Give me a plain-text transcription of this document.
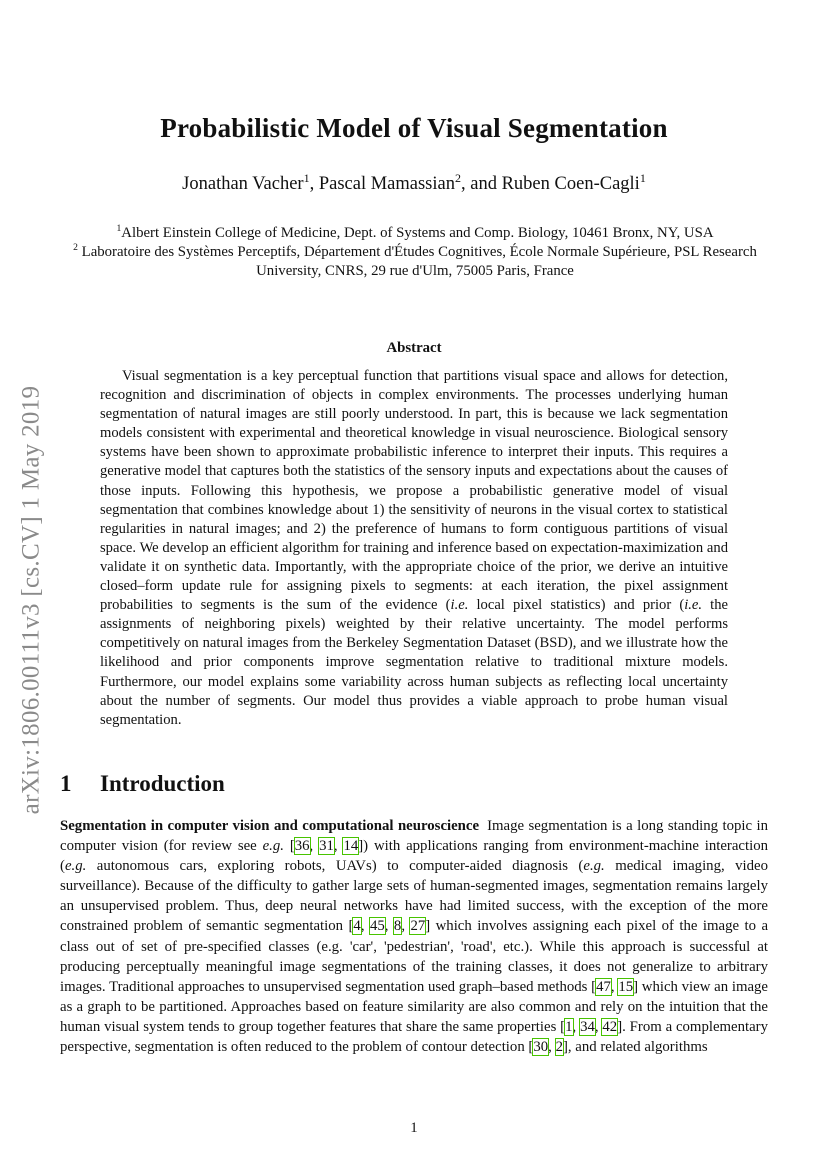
arXiv:1806.00111v3 [cs.CV] 1 May 2019
Probabilistic Model of Visual Segmentation
Jonathan Vacher$^1$, Pascal Mamassian$^2$, and Ruben Coen-Cagli$^1$
$^1$Albert Einstein College of Medicine, Dept. of Systems and Comp. Biology, 10461 Bronx, NY, USA
$^2$ Laboratoire des Systèmes Perceptifs, Département d'Études Cognitives, École Normale Supérieure, PSL Research University, CNRS, 29 rue d'Ulm, 75005 Paris, France
Abstract

Visual segmentation is a key perceptual function that partitions visual space and allows for detection, recognition and discrimination of objects in complex environments. The processes underlying human segmentation of natural images are still poorly understood. In part, this is because we lack segmentation models consistent with experimental and theoretical knowledge in visual neuroscience. Biological sensory systems have been shown to approximate probabilistic inference to interpret their inputs. This requires a generative model that captures both the statistics of the sensory inputs and expectations about the causes of those inputs. Following this hypothesis, we propose a probabilistic generative model of visual segmentation that combines knowledge about 1) the sensitivity of neurons in the visual cortex to statistical regularities in natural images; and 2) the preference of humans to form contiguous partitions of visual space. We develop an efficient algorithm for training and inference based on expectation-maximization and validate it on synthetic data. Importantly, with the appropriate choice of the prior, we derive an intuitive closed–form update rule for assigning pixels to segments: at each iteration, the pixel assignment probabilities to segments is the sum of the evidence (i.e. local pixel statistics) and prior (i.e. the assignments of neighboring pixels) weighted by their relative uncertainty. The model performs competitively on natural images from the Berkeley Segmentation Dataset (BSD), and we illustrate how the likelihood and prior components improve segmentation relative to traditional mixture models. Furthermore, our model explains some variability across human subjects as reflecting local uncertainty about the number of segments. Our model thus provides a viable approach to probe human visual segmentation.

1 Introduction

Segmentation in computer vision and computational neuroscience Image segmentation is a long standing topic in computer vision (for review see e.g. [36, 31, 14]) with applications ranging from environment-machine interaction (e.g. autonomous cars, exploring robots, UAVs) to computer-aided diagnosis (e.g. medical imaging, video surveillance). Because of the difficulty to gather large sets of human-segmented images, segmentation remains largely an unsupervised problem. Thus, deep neural networks have had limited success, with the exception of the more constrained problem of semantic segmentation [4, 45, 8, 27] which involves assigning each pixel of the image to a class out of set of pre-specified classes (e.g. 'car', 'pedestrian', 'road', etc.). While this approach is successful at producing perceptually meaningful image segmentations of the training classes, it does not generalize to arbitrary images. Traditional approaches to unsupervised segmentation used graph–based methods [47, 15] which view an image as a graph to be partitioned. Approaches based on feature similarity are also common and rely on the intuition that the human visual system tends to group together features that share the same properties [1, 34, 42]. From a complementary perspective, segmentation is often reduced to the problem of contour detection [30, 2], and related algorithms

1
